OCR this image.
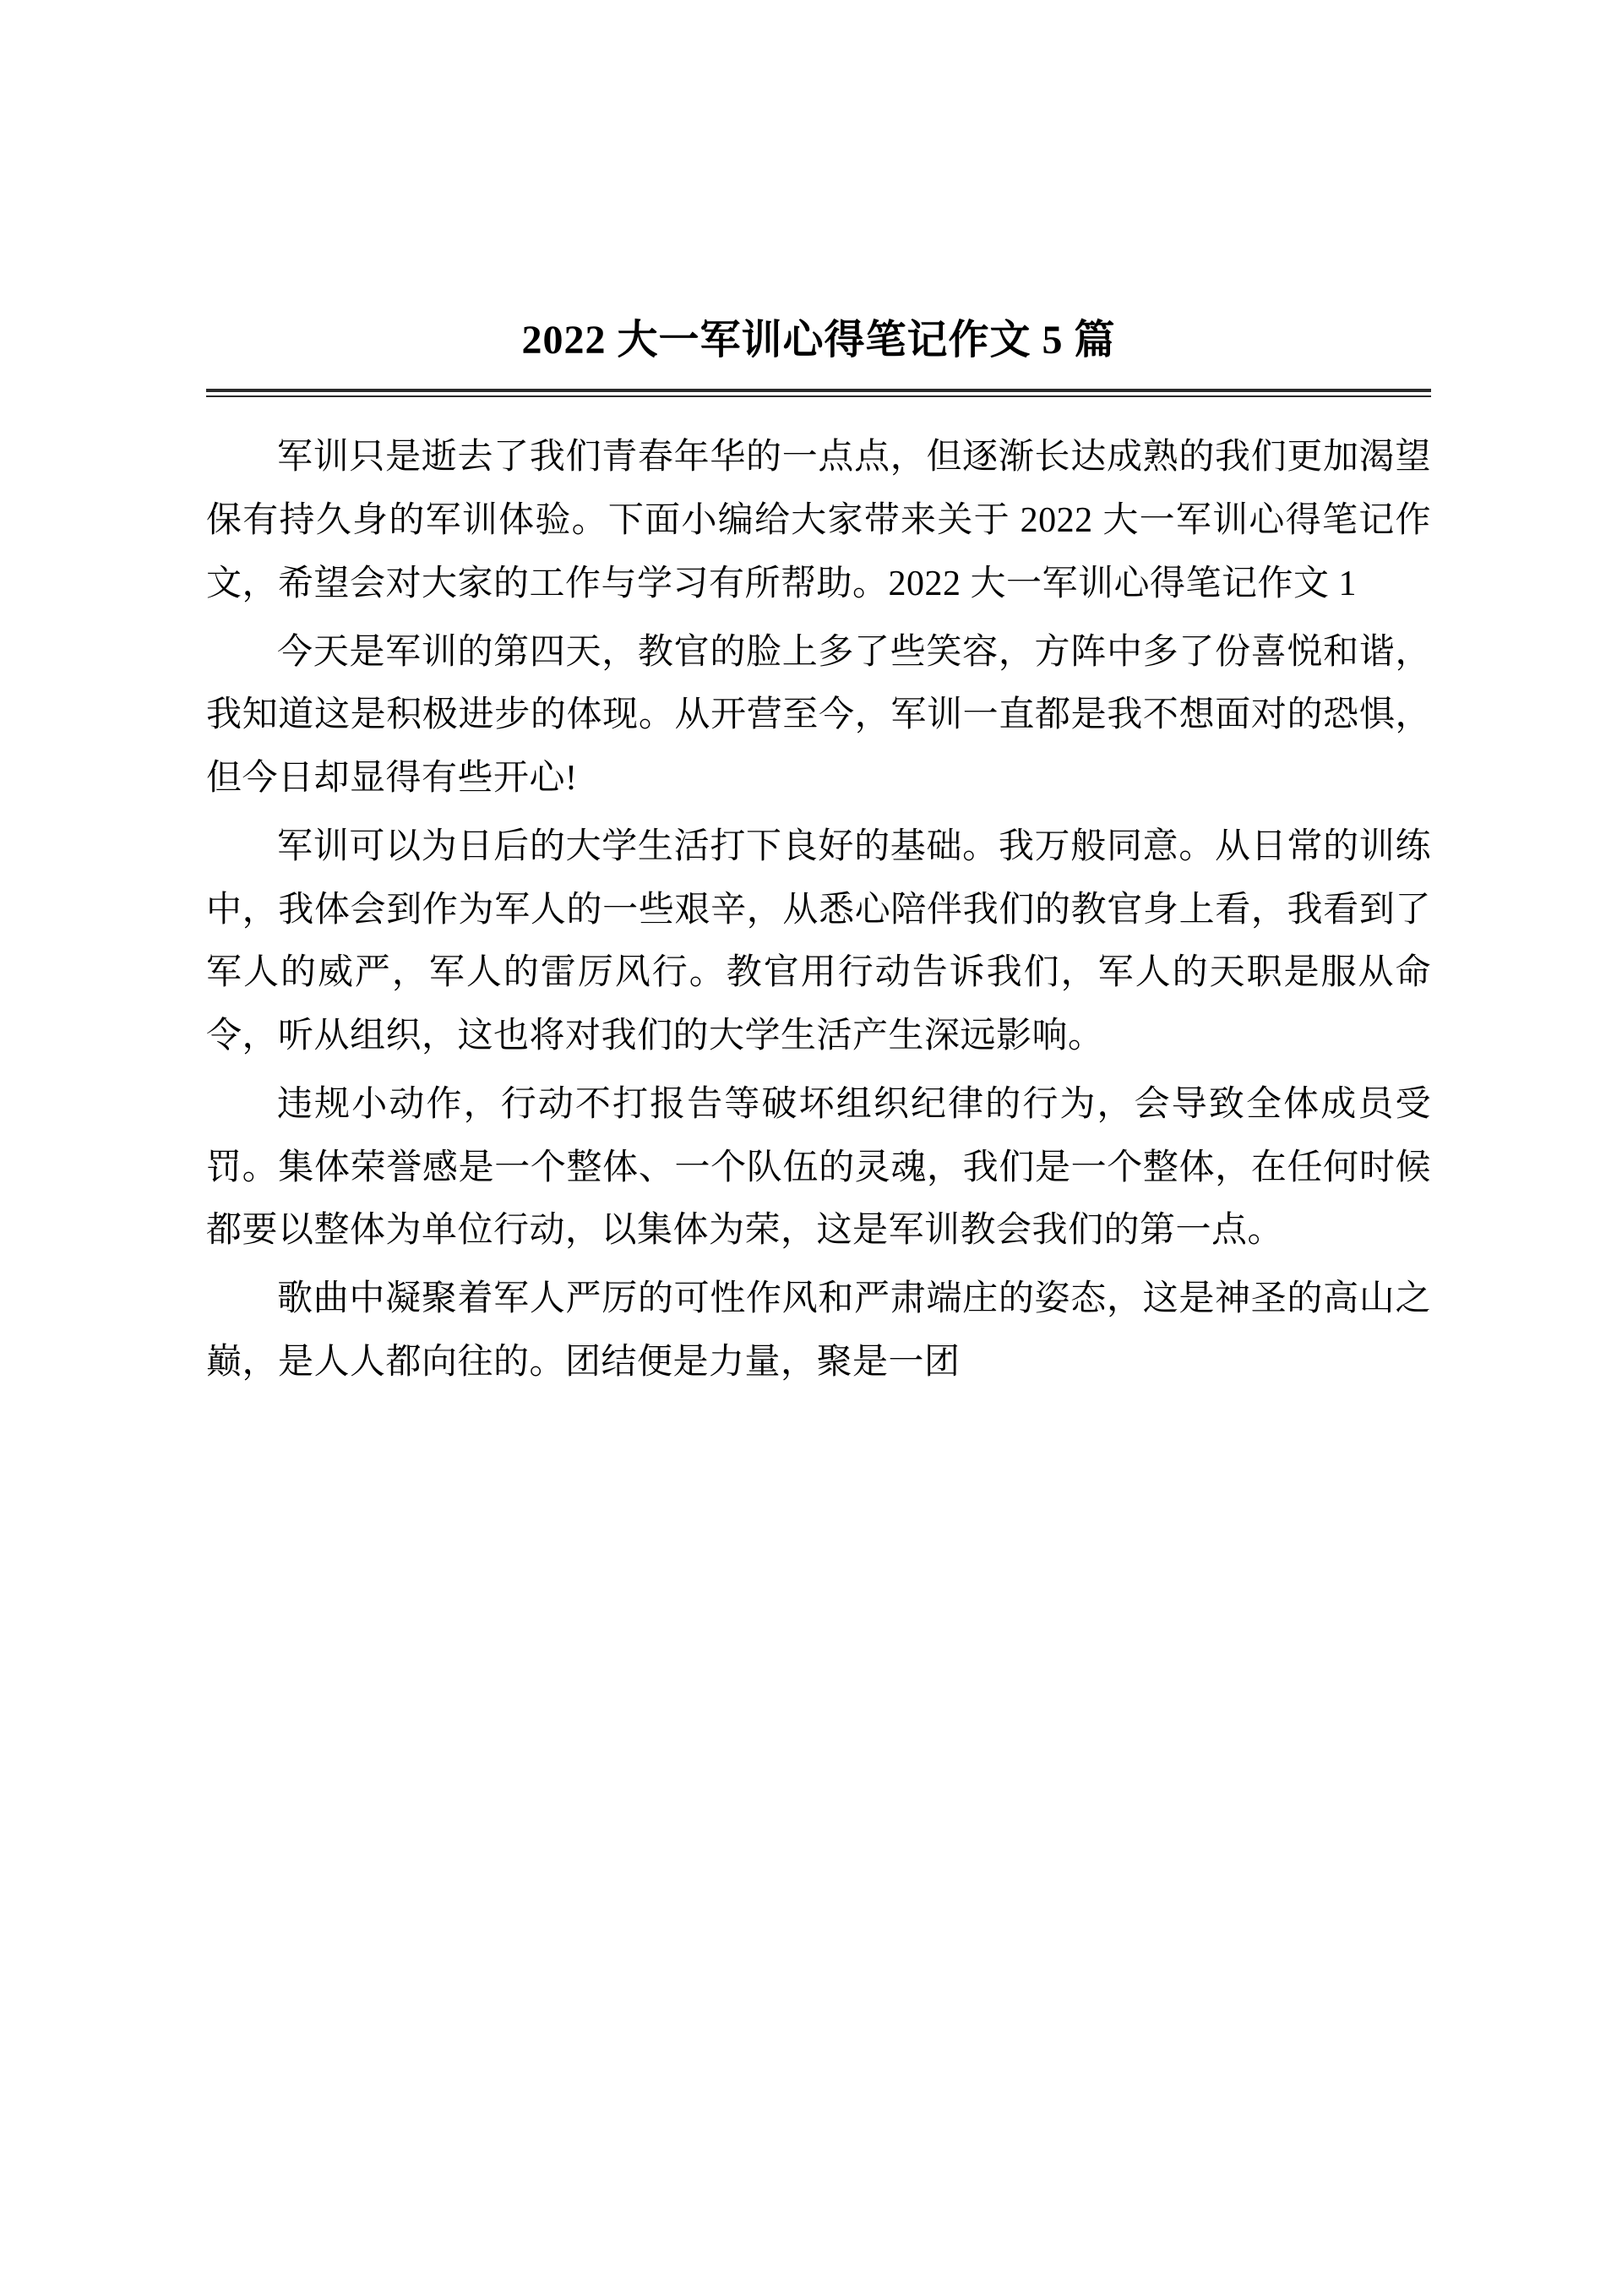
2022 大一军训心得笔记作文 5 篇

军训只是逝去了我们青春年华的一点点，但逐渐长达成熟的我们更加渴望保有持久身的军训体验。下面小编给大家带来关于 2022 大一军训心得笔记作文，希望会对大家的工作与学习有所帮助。2022 大一军训心得笔记作文 1

今天是军训的第四天，教官的脸上多了些笑容，方阵中多了份喜悦和谐，我知道这是积极进步的体现。从开营至今，军训一直都是我不想面对的恐惧，但今日却显得有些开心!

军训可以为日后的大学生活打下良好的基础。我万般同意。从日常的训练中，我体会到作为军人的一些艰辛，从悉心陪伴我们的教官身上看，我看到了军人的威严，军人的雷厉风行。教官用行动告诉我们，军人的天职是服从命令，听从组织，这也将对我们的大学生活产生深远影响。

违规小动作，行动不打报告等破坏组织纪律的行为，会导致全体成员受罚。集体荣誉感是一个整体、一个队伍的灵魂，我们是一个整体，在任何时候都要以整体为单位行动，以集体为荣，这是军训教会我们的第一点。

歌曲中凝聚着军人严厉的可性作风和严肃端庄的姿态，这是神圣的高山之巅，是人人都向往的。团结便是力量，聚是一团
